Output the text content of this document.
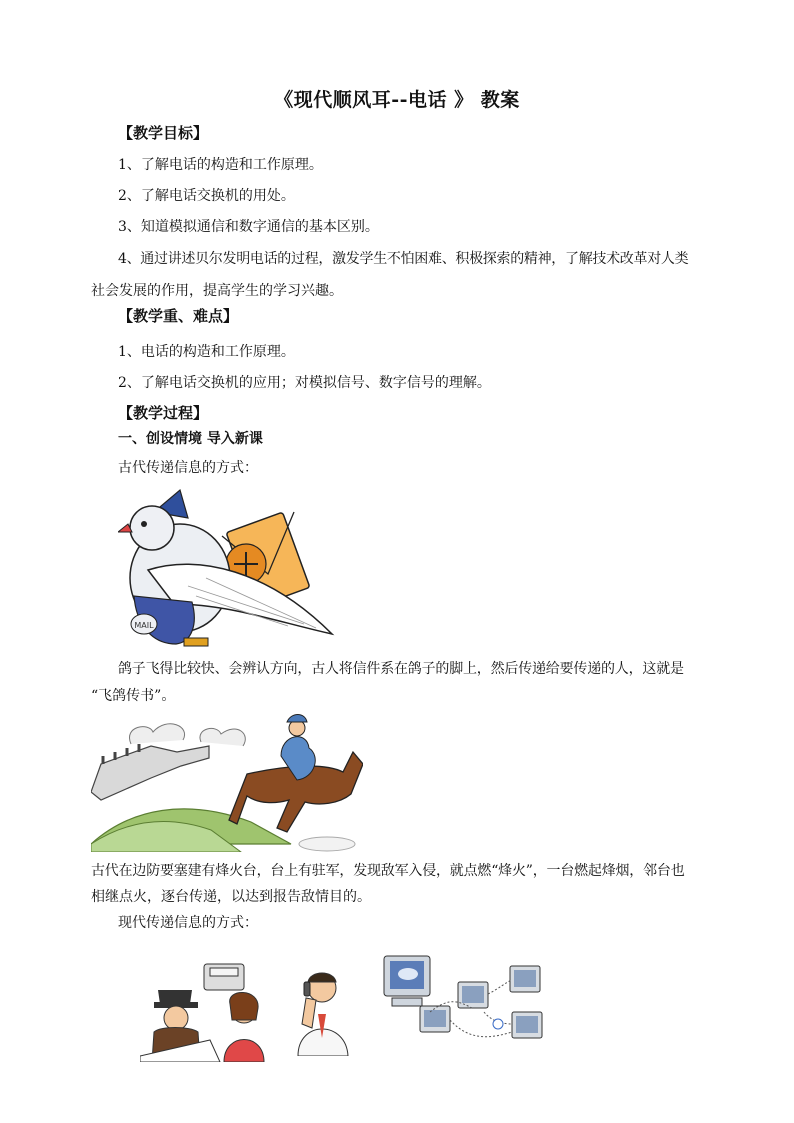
《现代顺风耳--电话 》 教案
【教学目标】
1、了解电话的构造和工作原理。
2、了解电话交换机的用处。
3、知道模拟通信和数字通信的基本区别。
4、通过讲述贝尔发明电话的过程，激发学生不怕困难、积极探索的精神，了解技术改革对人类
社会发展的作用，提高学生的学习兴趣。
【教学重、难点】
1、电话的构造和工作原理。
2、了解电话交换机的应用；对模拟信号、数字信号的理解。
【教学过程】
一、创设情境 导入新课
古代传递信息的方式：
MAIL
鸽子飞得比较快、会辨认方向，古人将信件系在鸽子的脚上，然后传递给要传递的人，这就是
“飞鸽传书”。
古代在边防要塞建有烽火台，台上有驻军，发现敌军入侵，就点燃“烽火”，一台燃起烽烟，邻台也
相继点火，逐台传递，以达到报告敌情目的。
现代传递信息的方式：
